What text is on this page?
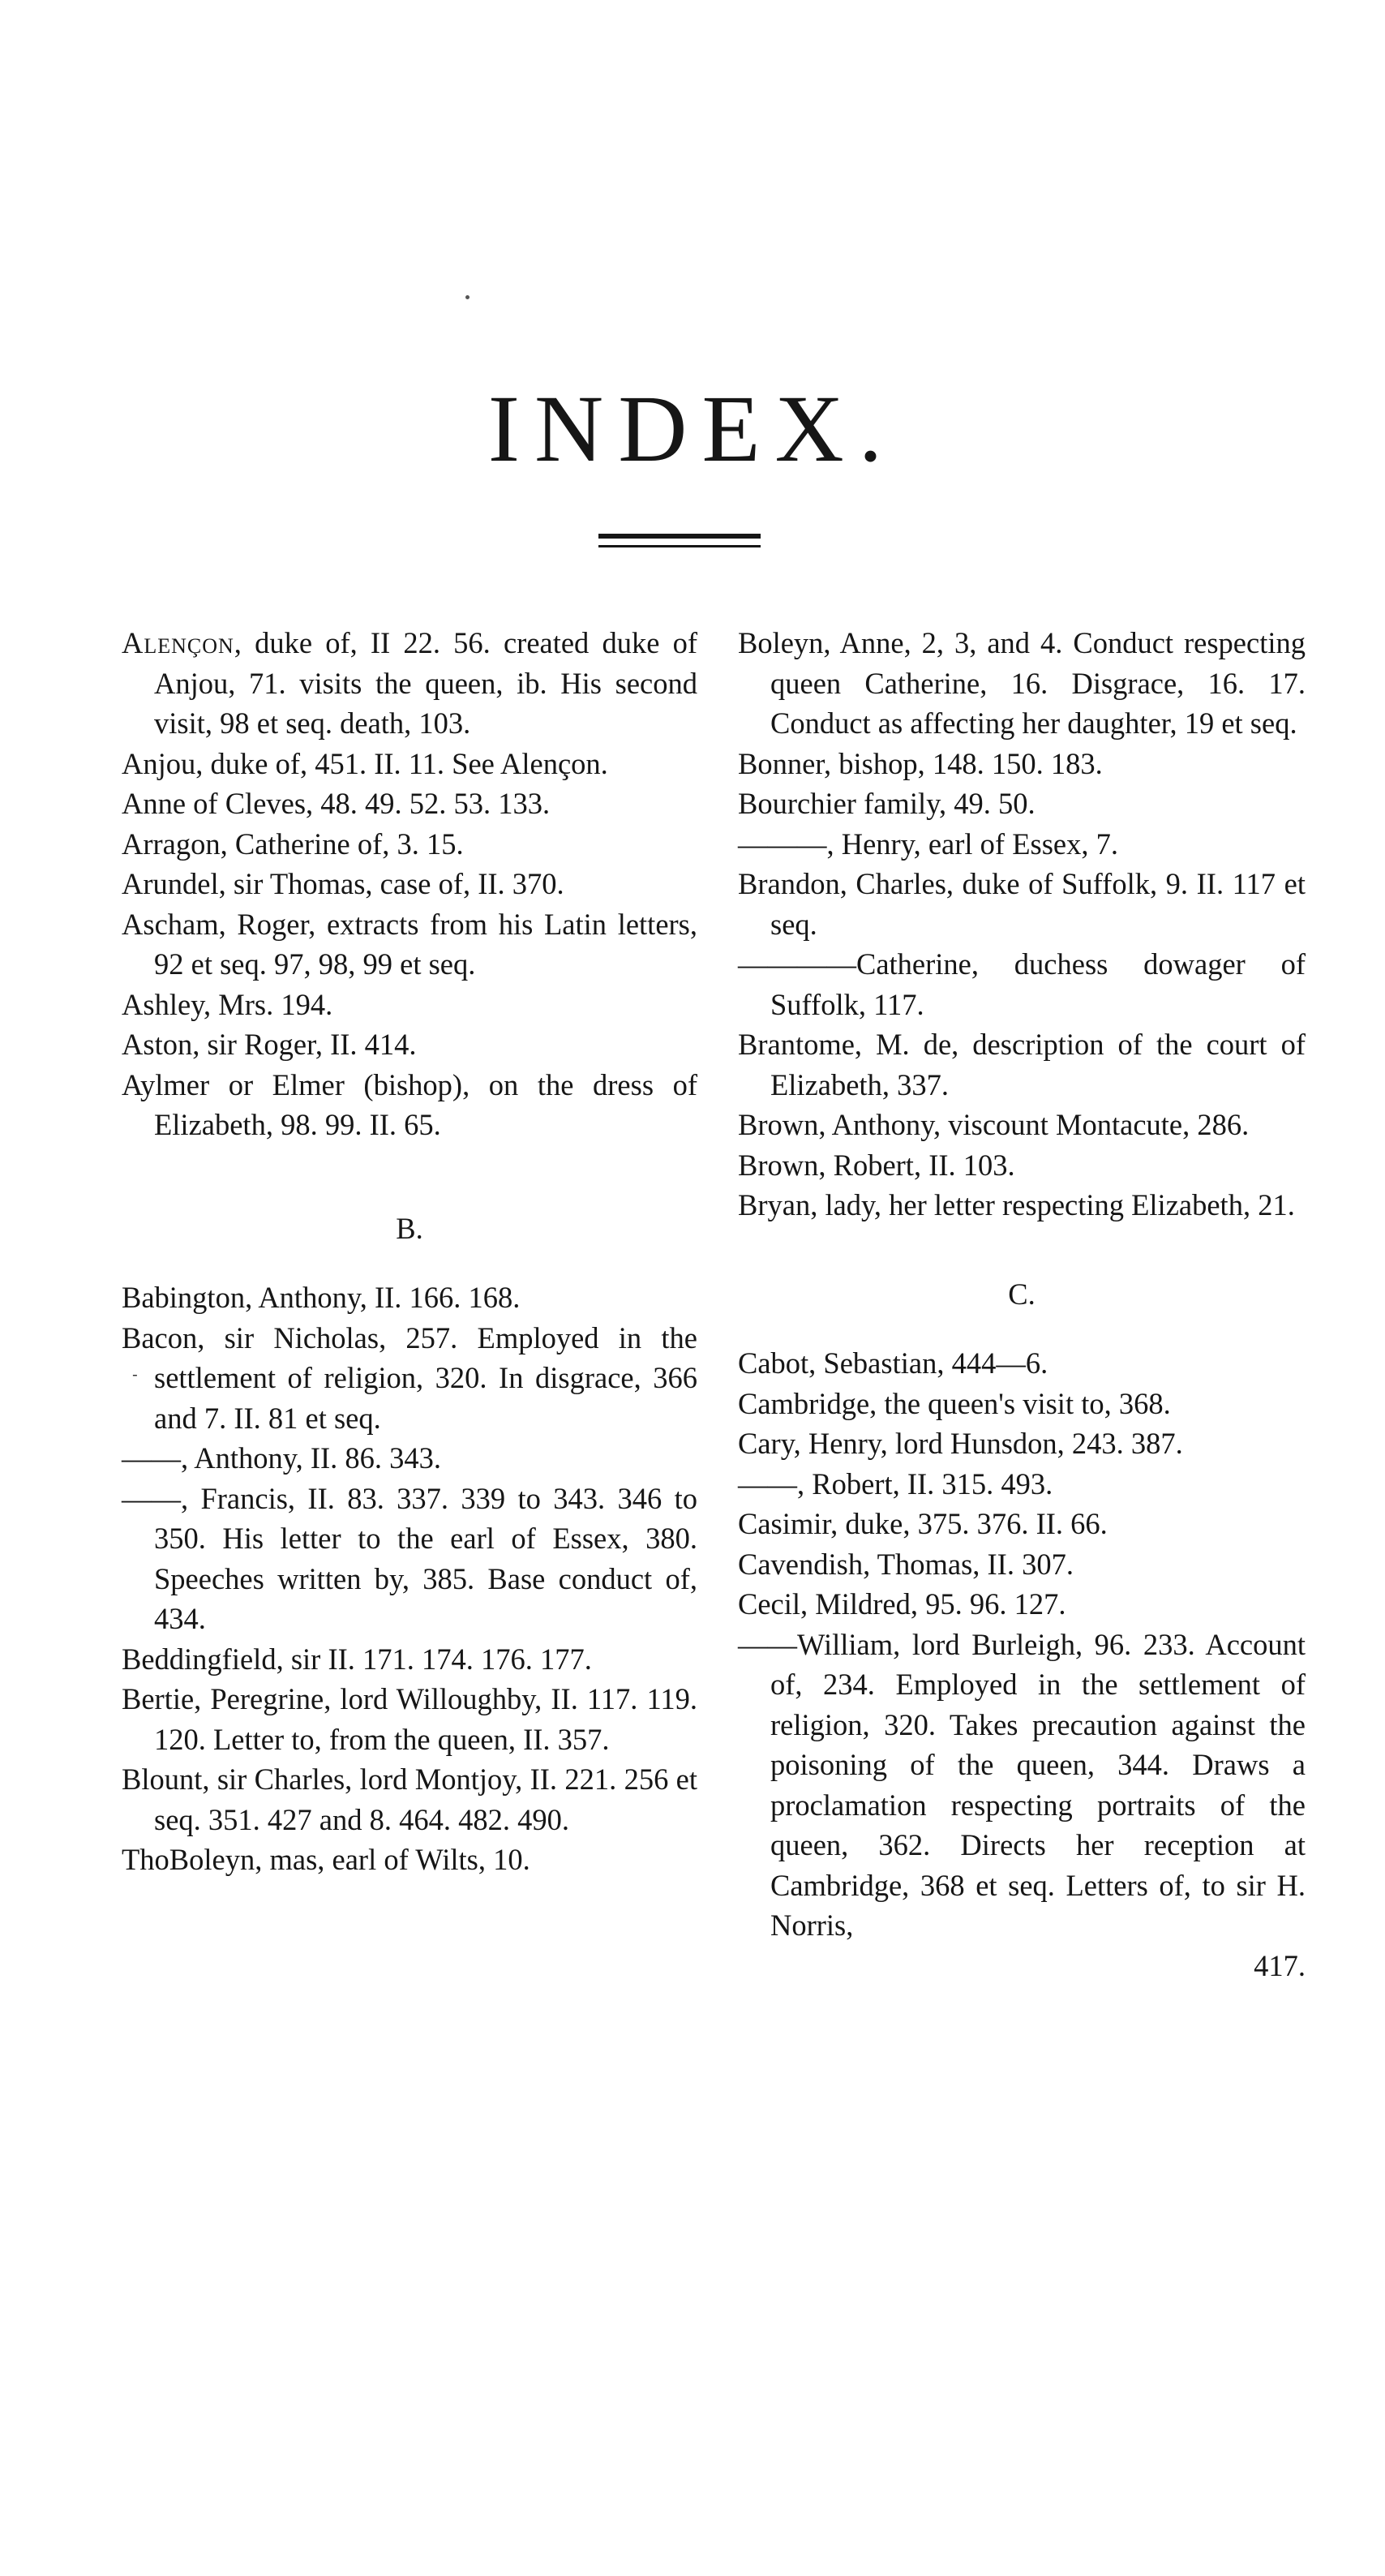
INDEX.

Alençon, duke of, II 22. 56. created duke of Anjou, 71. visits the queen, ib. His second visit, 98 et seq. death, 103.

Anjou, duke of, 451. II. 11. See Alençon.

Anne of Cleves, 48. 49. 52. 53. 133.

Arragon, Catherine of, 3. 15.

Arundel, sir Thomas, case of, II. 370.

Ascham, Roger, extracts from his Latin letters, 92 et seq. 97, 98, 99 et seq.

Ashley, Mrs. 194.

Aston, sir Roger, II. 414.

Aylmer or Elmer (bishop), on the dress of Elizabeth, 98. 99. II. 65.

B.

Babington, Anthony, II. 166. 168.

Bacon, sir Nicholas, 257. Employed in the settlement of religion, 320. In disgrace, 366 and 7. II. 81 et seq.

——, Anthony, II. 86. 343.

——, Francis, II. 83. 337. 339 to 343. 346 to 350. His letter to the earl of Essex, 380. Speeches written by, 385. Base conduct of, 434.

Beddingfield, sir II. 171. 174. 176. 177.

Bertie, Peregrine, lord Willoughby, II. 117. 119. 120. Letter to, from the queen, II. 357.

Blount, sir Charles, lord Montjoy, II. 221. 256 et seq. 351. 427 and 8. 464. 482. 490.

ThoBoleyn, mas, earl of Wilts, 10.

Boleyn, Anne, 2, 3, and 4. Conduct respecting queen Catherine, 16. Disgrace, 16. 17. Conduct as affecting her daughter, 19 et seq.

Bonner, bishop, 148. 150. 183.

Bourchier family, 49. 50.

———, Henry, earl of Essex, 7.

Brandon, Charles, duke of Suffolk, 9. II. 117 et seq.

————Catherine, duchess dowager of Suffolk, 117.

Brantome, M. de, description of the court of Elizabeth, 337.

Brown, Anthony, viscount Montacute, 286.

Brown, Robert, II. 103.

Bryan, lady, her letter respecting Elizabeth, 21.

C.

Cabot, Sebastian, 444—6.

Cambridge, the queen's visit to, 368.

Cary, Henry, lord Hunsdon, 243. 387.

——, Robert, II. 315. 493.

Casimir, duke, 375. 376. II. 66.

Cavendish, Thomas, II. 307.

Cecil, Mildred, 95. 96. 127.

——William, lord Burleigh, 96. 233. Account of, 234. Employed in the settlement of religion, 320. Takes precaution against the poisoning of the queen, 344. Draws a proclamation respecting portraits of the queen, 362. Directs her reception at Cambridge, 368 et seq. Letters of, to sir H. Norris,

417.

-
